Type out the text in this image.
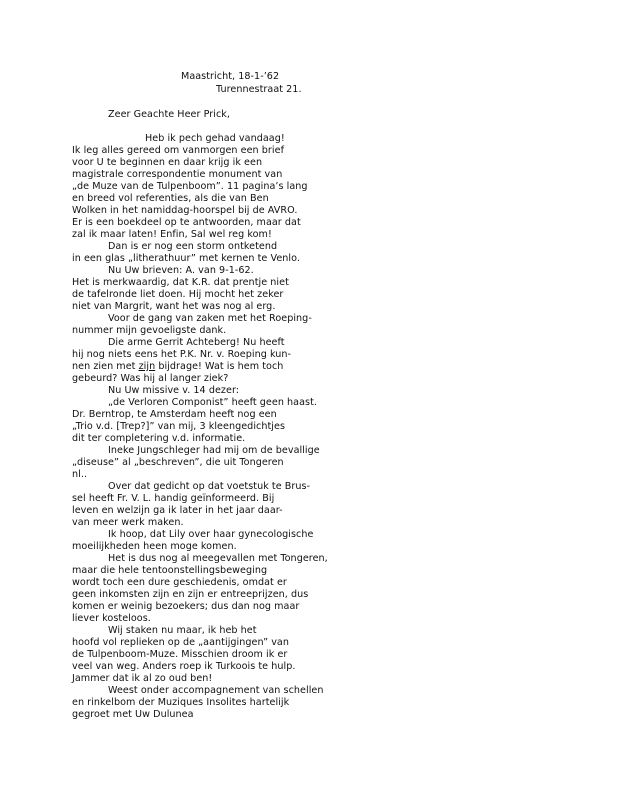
Maastricht, 18-1-’62
Turennestraat 21.
Zeer Geachte Heer Prick,
Heb ik pech gehad vandaag!
Ik leg alles gereed om vanmorgen een brief
voor U te beginnen en daar krijg ik een
magistrale correspondentie monument van
„de Muze van de Tulpenboom”. 11 pagina’s lang
en breed vol referenties, als die van Ben
Wolken in het namiddag-hoorspel bij de AVRO.
Er is een boekdeel op te antwoorden, maar dat
zal ik maar laten! Enfin, Sal wel reg kom!
Dan is er nog een storm ontketend
in een glas „litherathuur” met kernen te Venlo.
Nu Uw brieven: A. van 9-1-62.
Het is merkwaardig, dat K.R. dat prentje niet
de tafelronde liet doen. Hij mocht het zeker
niet van Margrit, want het was nog al erg.
Voor de gang van zaken met het Roeping-
nummer mijn gevoeligste dank.
Die arme Gerrit Achteberg! Nu heeft
hij nog niets eens het P.K. Nr. v. Roeping kun-
nen zien met zijn bijdrage! Wat is hem toch
gebeurd? Was hij al langer ziek?
Nu Uw missive v. 14 dezer:
„de Verloren Componist” heeft geen haast.
Dr. Berntrop, te Amsterdam heeft nog een
„Trio v.d. [Trep?]” van mij, 3 kleengedichtjes
dit ter completering v.d. informatie.
Ineke Jungschleger had mij om de bevallige
„diseuse” al „beschreven”, die uit Tongeren
nl..
Over dat gedicht op dat voetstuk te Brus-
sel heeft Fr. V. L. handig geïnformeerd. Bij
leven en welzijn ga ik later in het jaar daar-
van meer werk maken.
Ik hoop, dat Lily over haar gynecologische
moeilijkheden heen moge komen.
Het is dus nog al meegevallen met Tongeren,
maar die hele tentoonstellingsbeweging
wordt toch een dure geschiedenis, omdat er
geen inkomsten zijn en zijn er entreeprijzen, dus
komen er weinig bezoekers; dus dan nog maar
liever kosteloos.
Wij staken nu maar, ik heb het
hoofd vol replieken op de „aantijgingen” van
de Tulpenboom-Muze. Misschien droom ik er
veel van weg. Anders roep ik Turkoois te hulp.
Jammer dat ik al zo oud ben!
Weest onder accompagnement van schellen
en rinkelbom der Muziques Insolites hartelijk
gegroet met Uw Dulunea
